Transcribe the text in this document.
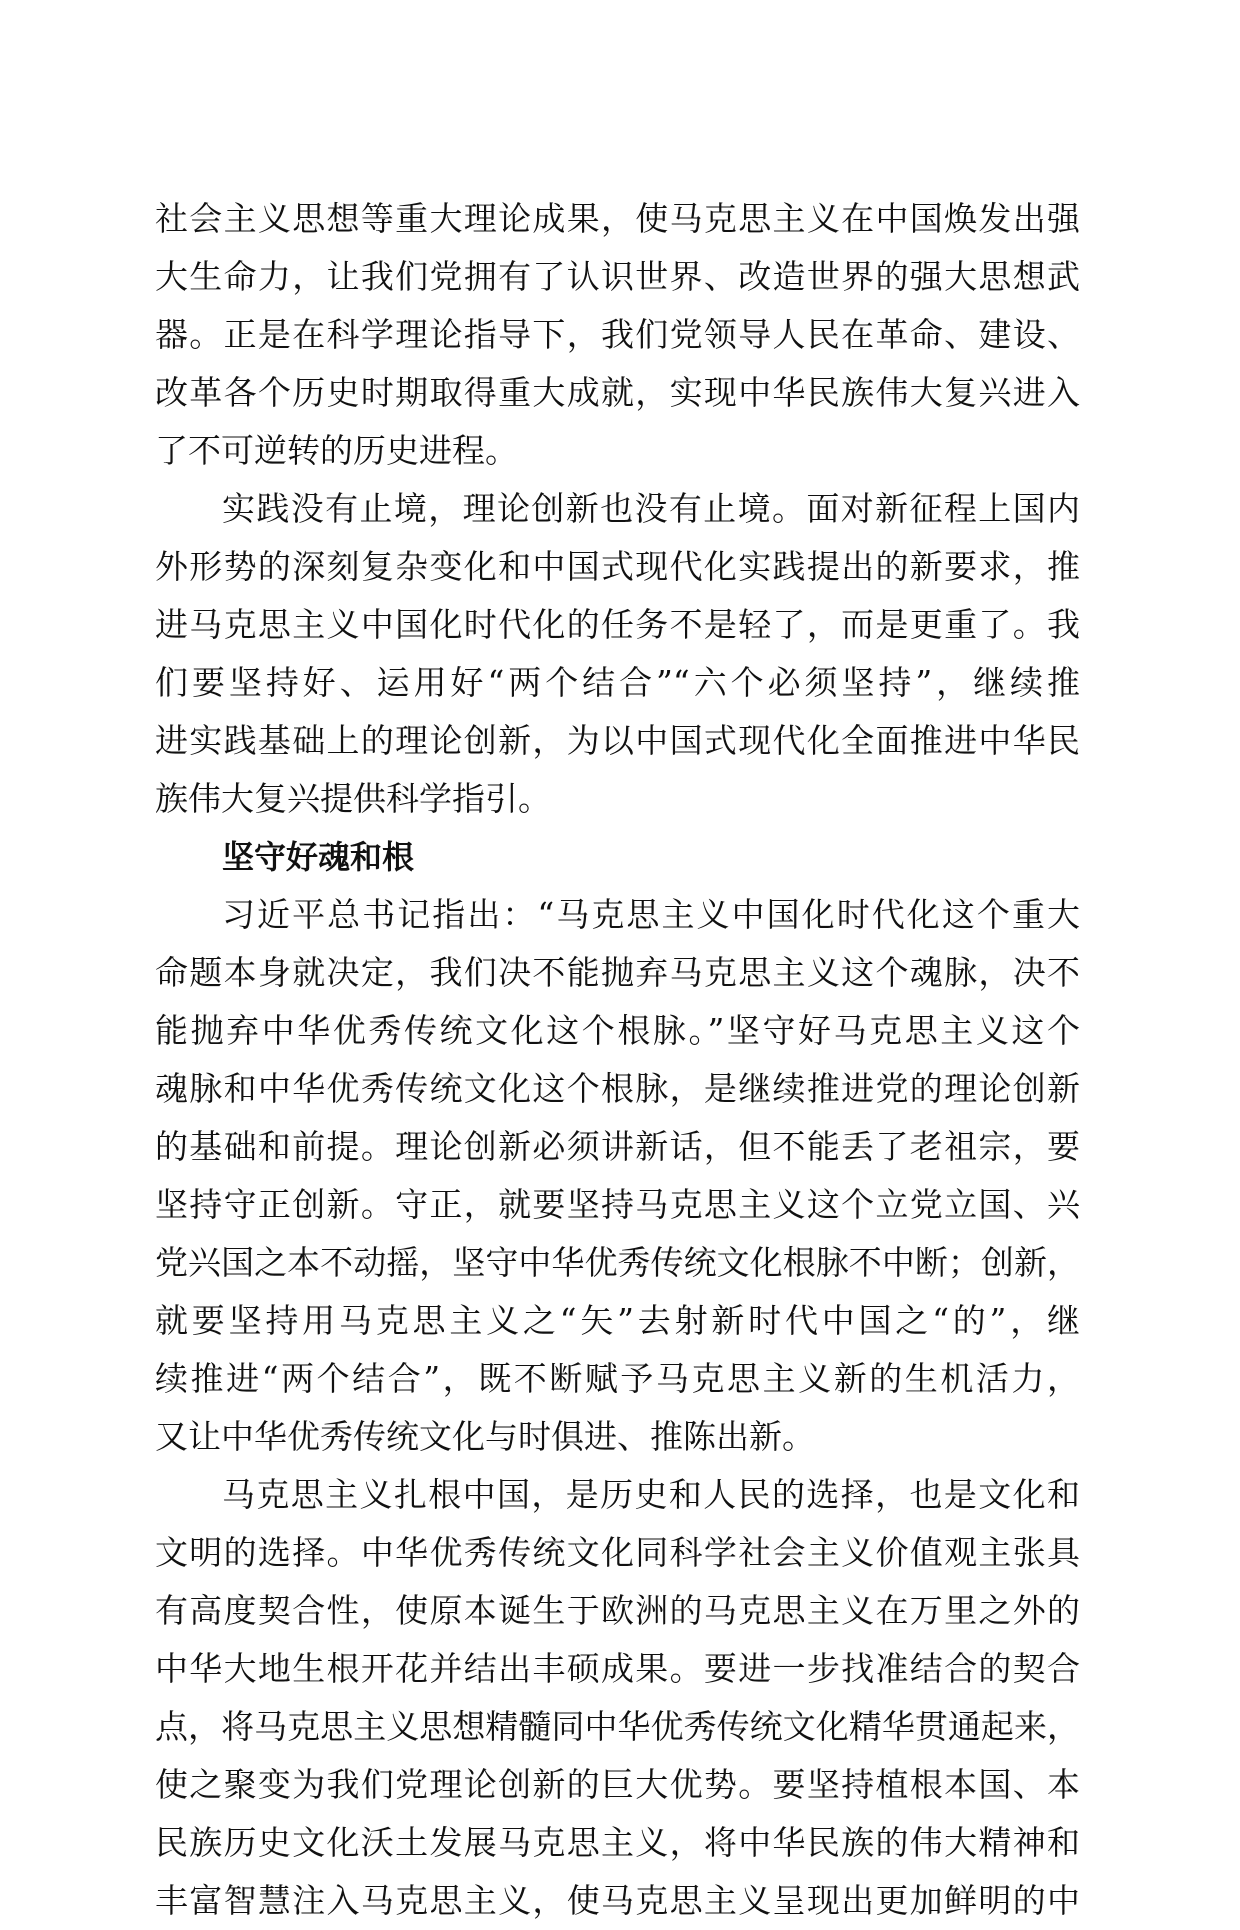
社会主义思想等重大理论成果，使马克思主义在中国焕发出强
大生命力，让我们党拥有了认识世界、改造世界的强大思想武
器。正是在科学理论指导下，我们党领导人民在革命、建设、
改革各个历史时期取得重大成就，实现中华民族伟大复兴进入
了不可逆转的历史进程。
实践没有止境，理论创新也没有止境。面对新征程上国内
外形势的深刻复杂变化和中国式现代化实践提出的新要求，推
进马克思主义中国化时代化的任务不是轻了，而是更重了。我
们要坚持好、运用好“两个结合”“六个必须坚持”，继续推
进实践基础上的理论创新，为以中国式现代化全面推进中华民
族伟大复兴提供科学指引。
坚守好魂和根
习近平总书记指出：“马克思主义中国化时代化这个重大
命题本身就决定，我们决不能抛弃马克思主义这个魂脉，决不
能抛弃中华优秀传统文化这个根脉。”坚守好马克思主义这个
魂脉和中华优秀传统文化这个根脉，是继续推进党的理论创新
的基础和前提。理论创新必须讲新话，但不能丢了老祖宗，要
坚持守正创新。守正，就要坚持马克思主义这个立党立国、兴
党兴国之本不动摇，坚守中华优秀传统文化根脉不中断；创新，
就要坚持用马克思主义之“矢”去射新时代中国之“的”，继
续推进“两个结合”，既不断赋予马克思主义新的生机活力，
又让中华优秀传统文化与时俱进、推陈出新。
马克思主义扎根中国，是历史和人民的选择，也是文化和
文明的选择。中华优秀传统文化同科学社会主义价值观主张具
有高度契合性，使原本诞生于欧洲的马克思主义在万里之外的
中华大地生根开花并结出丰硕成果。要进一步找准结合的契合
点，将马克思主义思想精髓同中华优秀传统文化精华贯通起来，
使之聚变为我们党理论创新的巨大优势。要坚持植根本国、本
民族历史文化沃土发展马克思主义，将中华民族的伟大精神和
丰富智慧注入马克思主义，使马克思主义呈现出更加鲜明的中
